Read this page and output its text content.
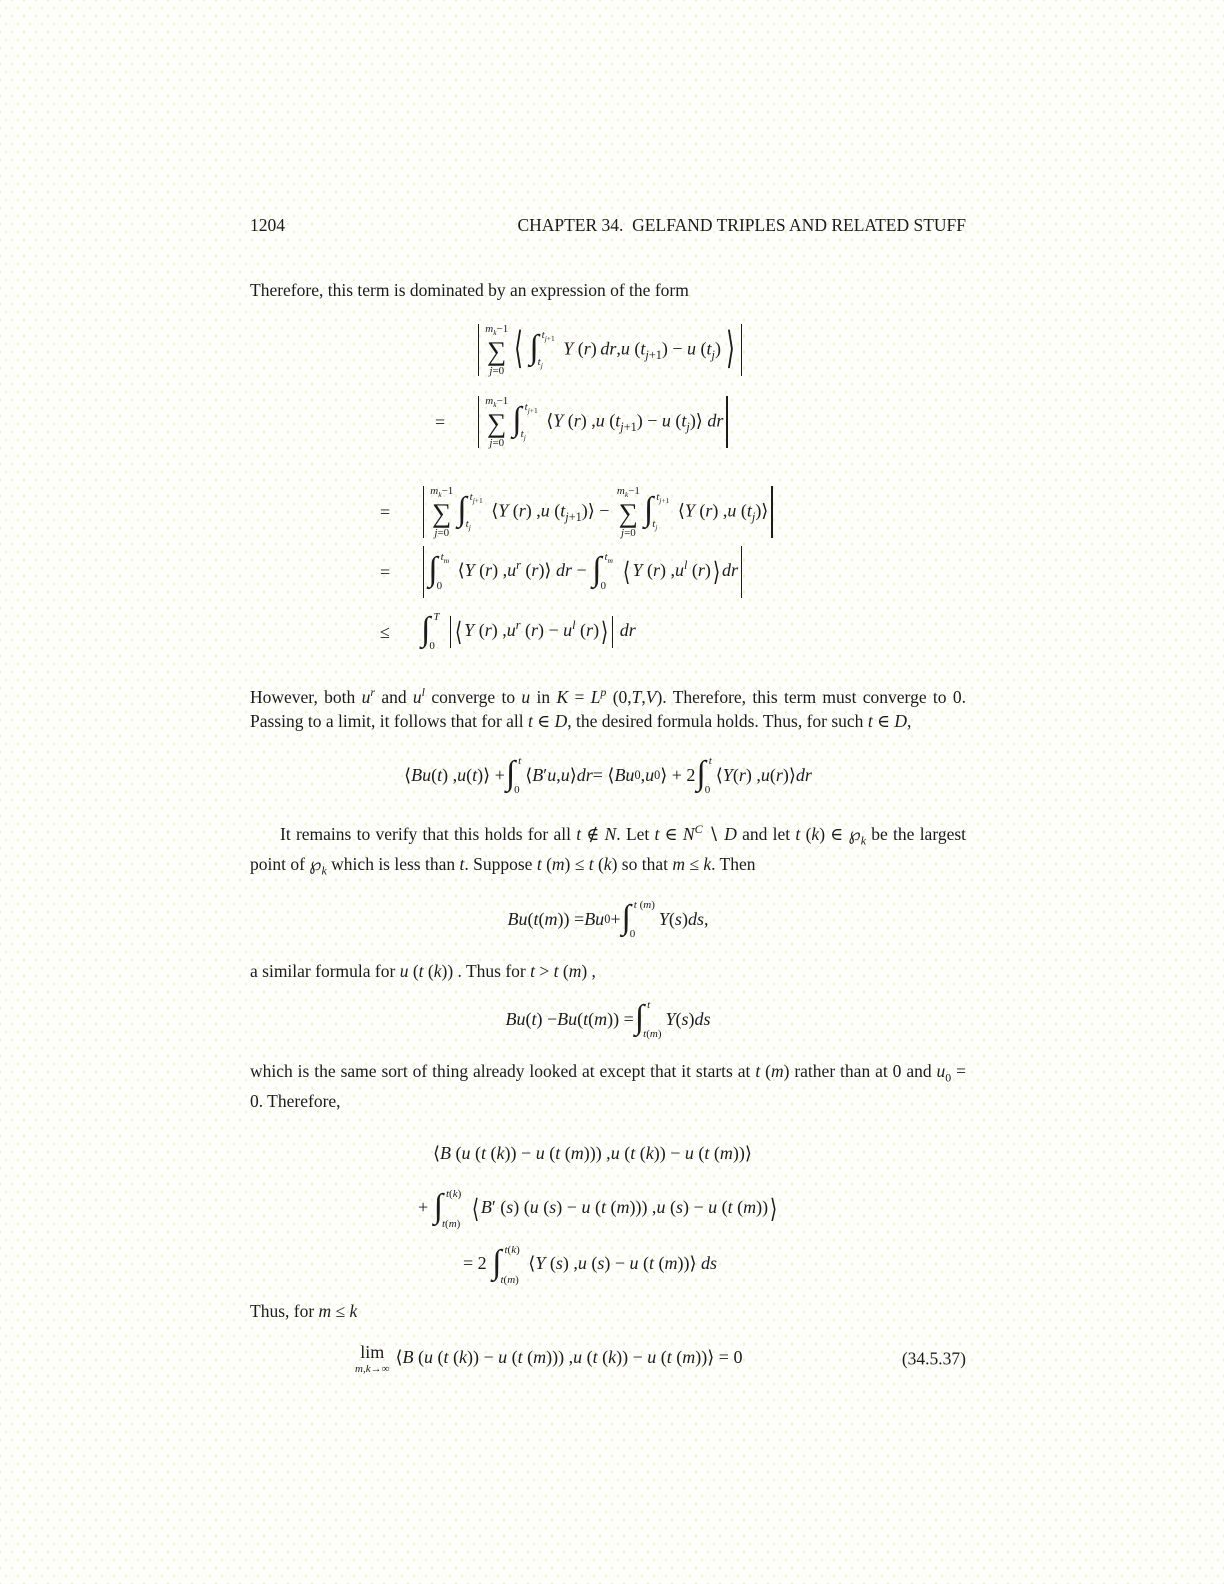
1204	CHAPTER 34.  GELFAND TRIPLES AND RELATED STUFF

Therefore, this term is dominated by an expression of the form

$m_k-1$
∑
j=0 ⟨ ∫ $t_{j+1}$
$t_j$
Y (r) dr,u $(t_{j+1}) - u$ $(t_j)$ ⟩
=
$m_k-1$
∑
j=0
∫ $t_{j+1}$
$t_j$
⟨Y (r) ,u $(t_{j+1}) - u$ $(t_j)⟩$ dr
=
$m_k-1$
∑
j=0
∫ $t_{j+1}$
$t_j$
⟨Y (r) ,u $(t_{j+1})⟩$ −
$m_k-1$
∑
j=0
∫ $t_{j+1}$
$t_j$
⟨Y (r) ,u $(t_j)⟩$
=	∫ $t_m$
0
⟨Y (r) $,u^r$ (r)⟩ dr − ∫ $t_m$
0
⟨ Y (r) $,u^l$ (r) ⟩ dr
≤ ∫ T
0
⟨ Y (r) $,u^r$ $(r) - u^l$ (r) ⟩ dr

However, both $u^r$ and $u^l$ converge to u in $K = L^p$ (0,T,V). Therefore, this term must converge to 0. Passing to a limit, it follows that for all t ∈ D, the desired formula holds. Thus, for such t ∈ D,

⟨ Bu ( t ) , u ( t )⟩ + ∫ t
0
⟨ B ′ u , u ⟩ dr = ⟨ Bu 0 , u 0 ⟩ + 2 ∫ t
0
⟨ Y ( r ) , u ( r )⟩ dr

It remains to verify that this holds for all t ∉ N. Let t ∈ $N^C$ ∖ D and let t (k) ∈ $℘_k$ be the largest point of $℘_k$ which is less than t. Suppose t (m) ≤ t (k) so that m ≤ k. Then

Bu ( t ( m )) = Bu 0 + ∫ t (m)
0
Y ( s ) ds ,

a similar formula for u (t (k)) . Thus for t > t (m) ,

Bu ( t ) − Bu ( t ( m )) = ∫ t
t(m)
Y ( s ) ds

which is the same sort of thing already looked at except that it starts at t (m) rather than at 0 and $u_0 = 0$. Therefore,

⟨B (u (t (k)) − u (t (m))) ,u (t (k)) − u (t (m))⟩
+ ∫ t(k)
t(m)
⟨ B′ (s) (u (s) − u (t (m))) ,u (s) − u (t (m)) ⟩
= 2 ∫ t(k)
t(m)
⟨Y (s) ,u (s) − u (t (m))⟩ ds

Thus, for m ≤ k

lim
m,k→∞
⟨B (u (t (k)) − u (t (m))) ,u (t (k)) − u (t (m))⟩ = 0	(34.5.37)
